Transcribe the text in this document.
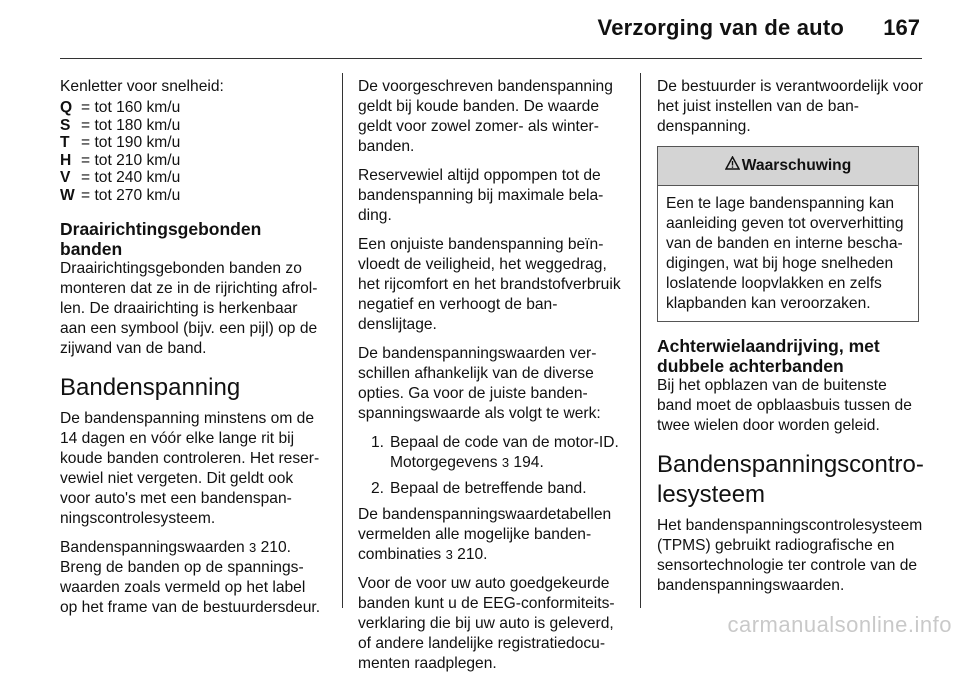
Verzorging van de auto 167

Kenletter voor snelheid:

Q = tot 160 km/u
S = tot 180 km/u
T = tot 190 km/u
H = tot 210 km/u
V = tot 240 km/u
W = tot 270 km/u
Draairichtingsgebonden banden

Draairichtingsgebonden banden zo monteren dat ze in de rijrichting afrollen. De draairichting is herkenbaar aan een symbool (bijv. een pijl) op de zijwand van de band.

Bandenspanning

De bandenspanning minstens om de 14 dagen en vóór elke lange rit bij koude banden controleren. Het reservewiel niet vergeten. Dit geldt ook voor auto's met een bandenspanningscontrolesysteem.

Bandenspanningswaarden 3 210.

Breng de banden op de spanningswaarden zoals vermeld op het label op het frame van de bestuurdersdeur.

De voorgeschreven bandenspanning geldt bij koude banden. De waarde geldt voor zowel zomer- als winterbanden.

Reservewiel altijd oppompen tot de bandenspanning bij maximale belading.

Een onjuiste bandenspanning beïnvloedt de veiligheid, het weggedrag, het rijcomfort en het brandstofverbruik negatief en verhoogt de bandenslijtage.

De bandenspanningswaarden verschillen afhankelijk van de diverse opties. Ga voor de juiste bandenspanningswaarde als volgt te werk:

1. Bepaal de code van de motor-ID. Motorgegevens 3 194.
2. Bepaal de betreffende band.

De bandenspanningswaardetabellen vermelden alle mogelijke bandencombinaties 3 210.

Voor de voor uw auto goedgekeurde banden kunt u de EEG-conformiteitsverklaring die bij uw auto is geleverd, of andere landelijke registratiedocumenten raadplegen.

De bestuurder is verantwoordelijk voor het juist instellen van de bandenspanning.

Waarschuwing
Een te lage bandenspanning kan aanleiding geven tot oververhitting van de banden en interne beschadigingen, wat bij hoge snelheden loslatende loopvlakken en zelfs klapbanden kan veroorzaken.
Achterwielaandrijving, met dubbele achterbanden

Bij het opblazen van de buitenste band moet de opblaasbuis tussen de twee wielen door worden geleid.

Bandenspanningscontrolesysteem

Het bandenspanningscontrolesysteem (TPMS) gebruikt radiografische en sensortechnologie ter controle van de bandenspanningswaarden.

carmanualsonline.info
